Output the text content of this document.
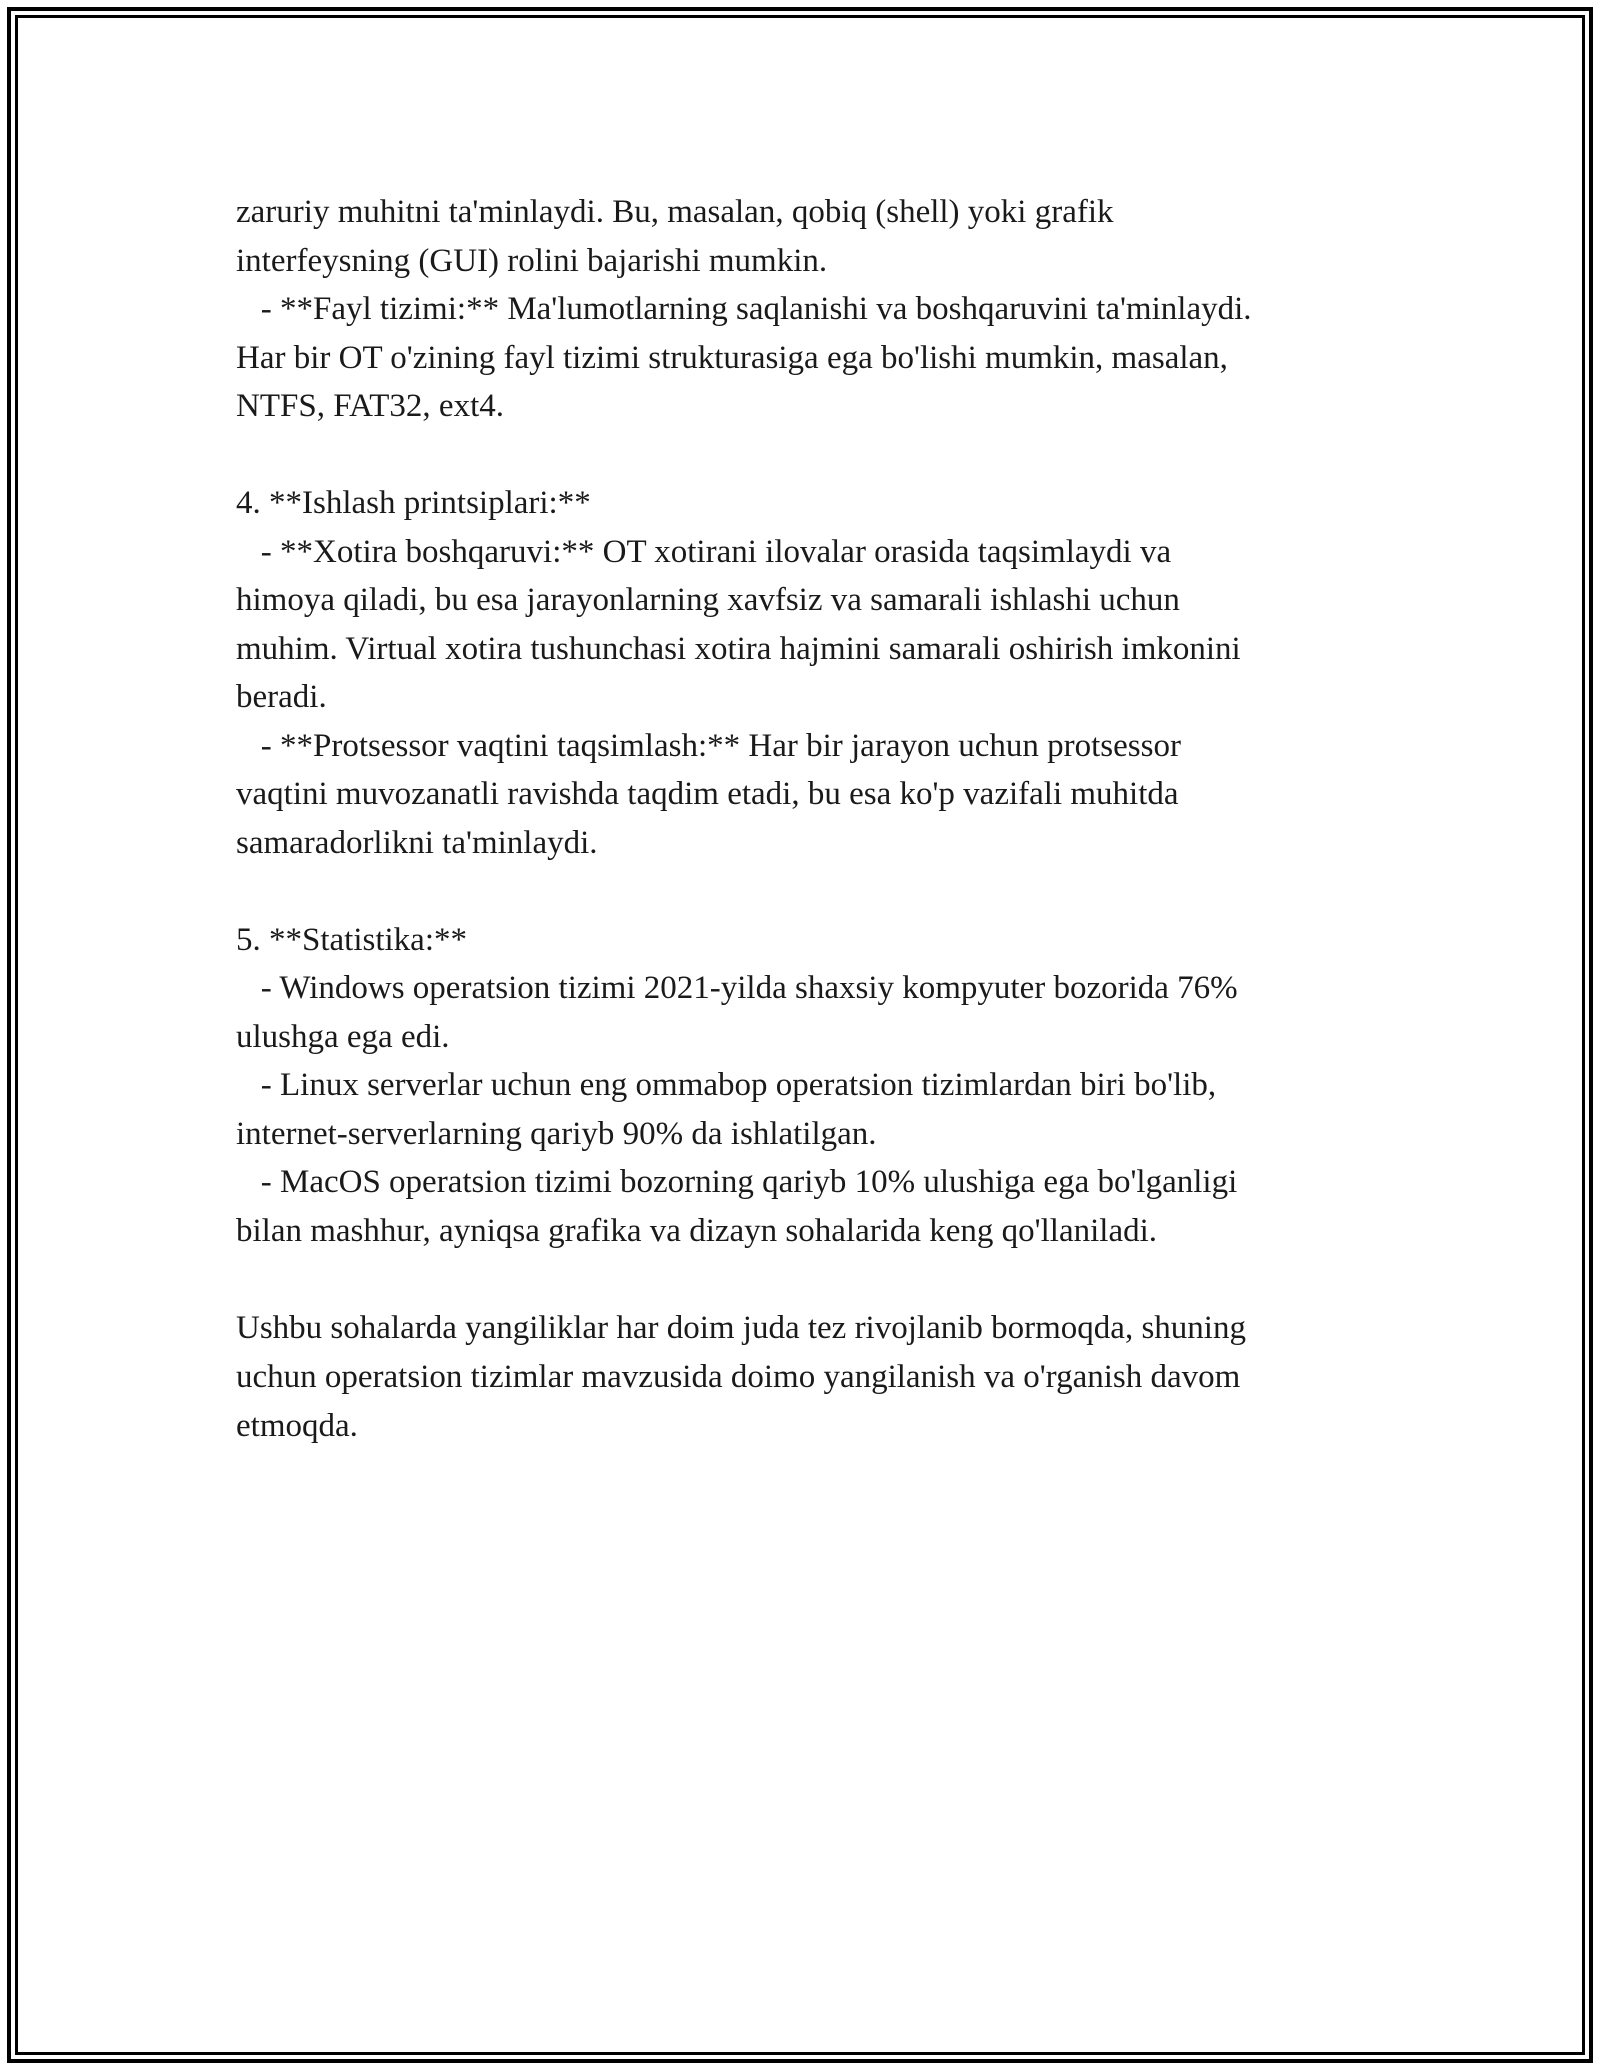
zaruriy muhitni ta'minlaydi. Bu, masalan, qobiq (shell) yoki grafik
interfeysning (GUI) rolini bajarishi mumkin.
- **Fayl tizimi:** Ma'lumotlarning saqlanishi va boshqaruvini ta'minlaydi.
Har bir OT o'zining fayl tizimi strukturasiga ega bo'lishi mumkin, masalan,
NTFS, FAT32, ext4.
4. **Ishlash printsiplari:**
- **Xotira boshqaruvi:** OT xotirani ilovalar orasida taqsimlaydi va
himoya qiladi, bu esa jarayonlarning xavfsiz va samarali ishlashi uchun
muhim. Virtual xotira tushunchasi xotira hajmini samarali oshirish imkonini
beradi.
- **Protsessor vaqtini taqsimlash:** Har bir jarayon uchun protsessor
vaqtini muvozanatli ravishda taqdim etadi, bu esa ko'p vazifali muhitda
samaradorlikni ta'minlaydi.
5. **Statistika:**
- Windows operatsion tizimi 2021-yilda shaxsiy kompyuter bozorida 76%
ulushga ega edi.
- Linux serverlar uchun eng ommabop operatsion tizimlardan biri bo'lib,
internet-serverlarning qariyb 90% da ishlatilgan.
- MacOS operatsion tizimi bozorning qariyb 10% ulushiga ega bo'lganligi
bilan mashhur, ayniqsa grafika va dizayn sohalarida keng qo'llaniladi.
Ushbu sohalarda yangiliklar har doim juda tez rivojlanib bormoqda, shuning
uchun operatsion tizimlar mavzusida doimo yangilanish va o'rganish davom
etmoqda.
